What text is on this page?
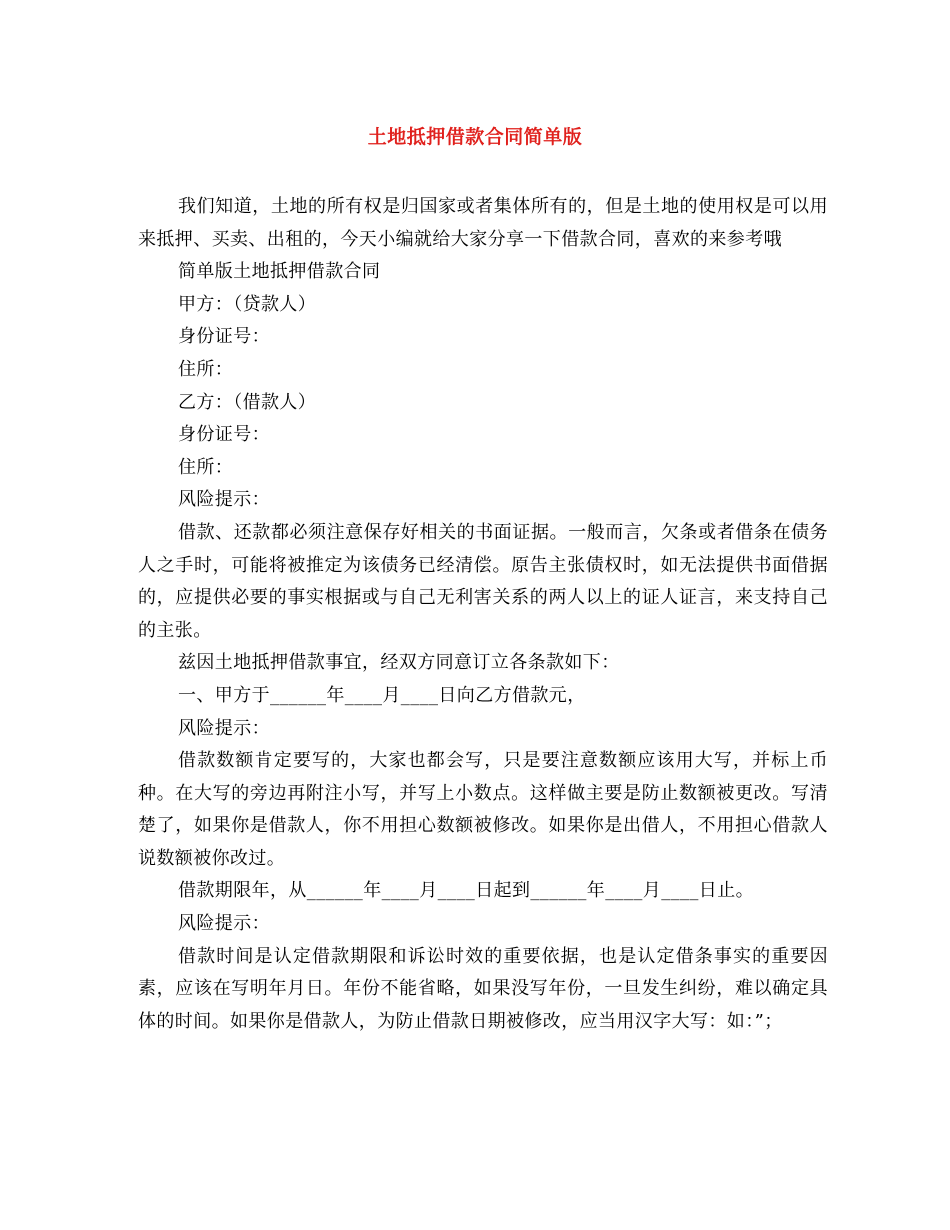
土地抵押借款合同简单版

我们知道，土地的所有权是归国家或者集体所有的，但是土地的使用权是可以用来抵押、买卖、出租的，今天小编就给大家分享一下借款合同，喜欢的来参考哦

简单版土地抵押借款合同

甲方：（贷款人）

身份证号：

住所：

乙方：（借款人）

身份证号：

住所：

风险提示：

借款、还款都必须注意保存好相关的书面证据。一般而言，欠条或者借条在债务人之手时，可能将被推定为该债务已经清偿。原告主张债权时，如无法提供书面借据的，应提供必要的事实根据或与自己无利害关系的两人以上的证人证言，来支持自己的主张。

兹因土地抵押借款事宜，经双方同意订立各条款如下：

一、甲方于______年____月____日向乙方借款元，

风险提示：

借款数额肯定要写的，大家也都会写，只是要注意数额应该用大写，并标上币种。在大写的旁边再附注小写，并写上小数点。这样做主要是防止数额被更改。写清楚了，如果你是借款人，你不用担心数额被修改。如果你是出借人，不用担心借款人说数额被你改过。

借款期限年，从______年____月____日起到______年____月____日止。

风险提示：

借款时间是认定借款期限和诉讼时效的重要依据，也是认定借条事实的重要因素，应该在写明年月日。年份不能省略，如果没写年份，一旦发生纠纷，难以确定具体的时间。如果你是借款人，为防止借款日期被修改，应当用汉字大写：如：”；
